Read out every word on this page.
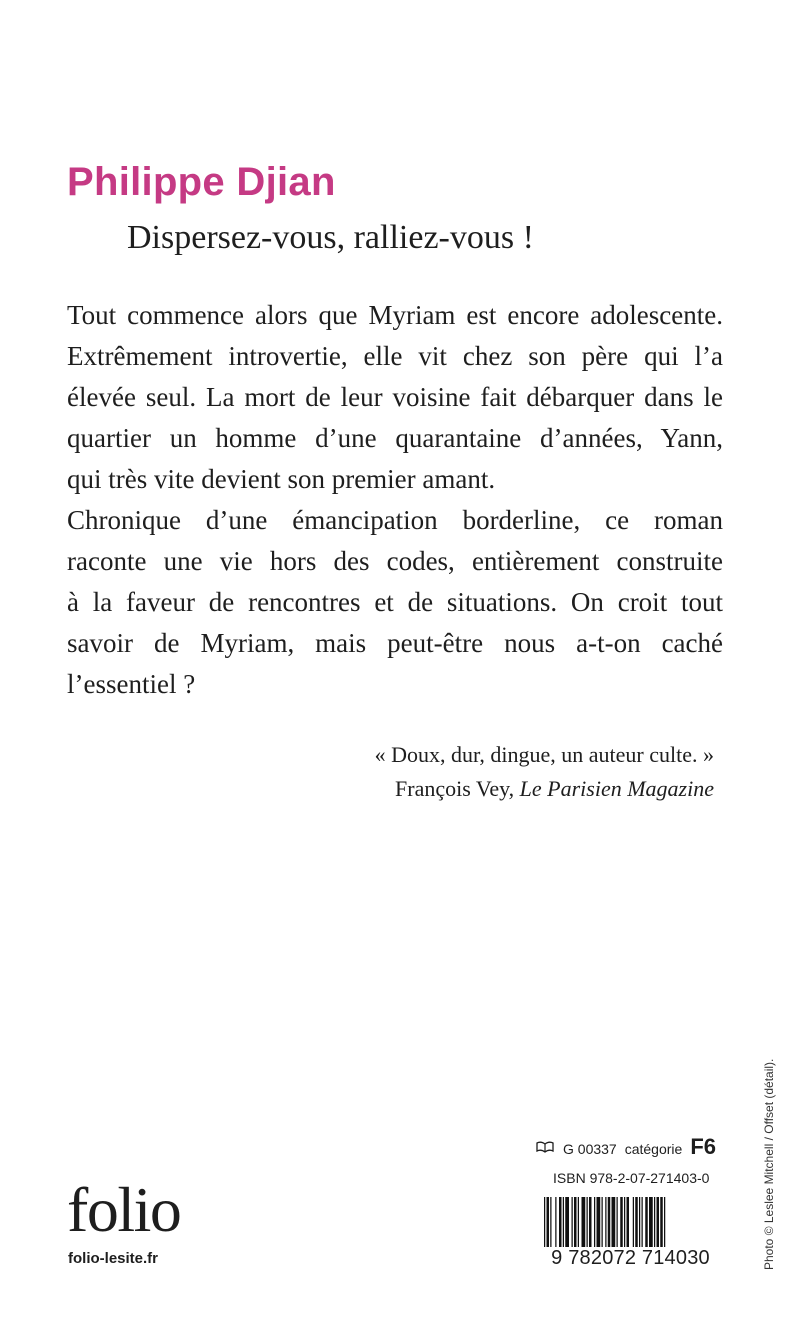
Philippe Djian
Dispersez-vous, ralliez-vous !

Tout commence alors que Myriam est encore adolescente.

Extrêmement introvertie, elle vit chez son père qui l’a

élevée seul. La mort de leur voisine fait débarquer dans le

quartier un homme d’une quarantaine d’années, Yann,

qui très vite devient son premier amant.

Chronique d’une émancipation borderline, ce roman

raconte une vie hors des codes, entièrement construite

à la faveur de rencontres et de situations. On croit tout

savoir de Myriam, mais peut-être nous a-t-on caché

l’essentiel ?

« Doux, dur, dingue, un auteur culte. »
François Vey, Le Parisien Magazine
Photo © Leslee Mitchell / Offset (détail).
folio
folio-lesite.fr
G 00337 catégorie F6
ISBN 978-2-07-271403-0
9 782072 714030
